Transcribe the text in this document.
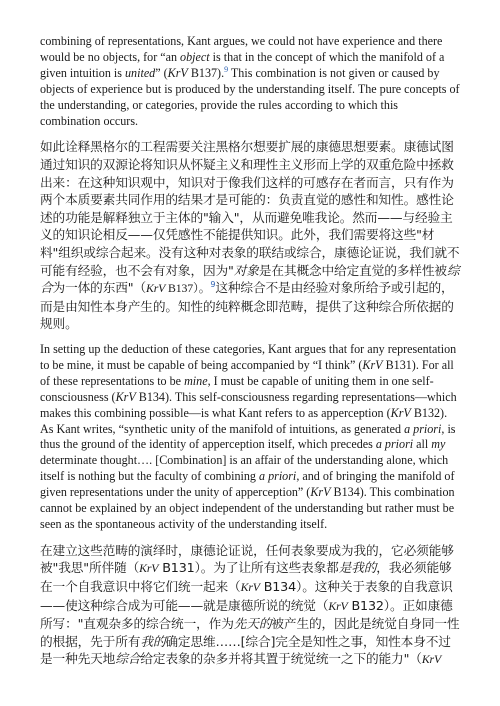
combining of representations, Kant argues, we could not have experience and there would be no objects, for “an object is that in the concept of which the manifold of a given intuition is united” (KrV B137).$^9$ This combination is not given or caused by objects of experience but is produced by the understanding itself. The pure concepts of the understanding, or categories, provide the rules according to which this combination occurs.

如此诠释黑格尔的工程需要关注黑格尔想要扩展的康德思想要素。康德试图通过知识的双源论将知识从怀疑主义和理性主义形而上学的双重危险中拯救出来：在这种知识观中，知识对于像我们这样的可感存在者而言，只有作为两个本质要素共同作用的结果才是可能的：负责直觉的感性和知性。感性论述的功能是解释独立于主体的"输入"，从而避免唯我论。然而——与经验主义的知识论相反——仅凭感性不能提供知识。此外，我们需要将这些"材料"组织或综合起来。没有这种对表象的联结或综合，康德论证说，我们就不可能有经验，也不会有对象，因为"对象是在其概念中给定直觉的多样性被综合为一体的东西"（KrV B137）。$^9$这种综合不是由经验对象所给予或引起的，而是由知性本身产生的。知性的纯粹概念即范畴，提供了这种综合所依据的规则。

In setting up the deduction of these categories, Kant argues that for any representation to be mine, it must be capable of being accompanied by “I think” (KrV B131). For all of these representations to be mine, I must be capable of uniting them in one self-consciousness (KrV B134). This self-consciousness regarding representations—which makes this combining possible—is what Kant refers to as apperception (KrV B132). As Kant writes, “synthetic unity of the manifold of intuitions, as generated a priori, is thus the ground of the identity of apperception itself, which precedes a priori all my determinate thought…. [Combination] is an affair of the understanding alone, which itself is nothing but the faculty of combining a priori, and of bringing the manifold of given representations under the unity of apperception” (KrV B134). This combination cannot be explained by an object independent of the understanding but rather must be seen as the spontaneous activity of the understanding itself.

在建立这些范畴的演绎时，康德论证说，任何表象要成为我的，它必须能够被"我思"所伴随（KrV B131）。为了让所有这些表象都是我的，我必须能够在一个自我意识中将它们统一起来（KrV B134）。这种关于表象的自我意识——使这种综合成为可能——就是康德所说的统觉（KrV B132）。正如康德所写："直观杂多的综合统一，作为先天的被产生的，因此是统觉自身同一性的根据，先于所有我的确定思维……[综合]完全是知性之事，知性本身不过是一种先天地综合给定表象的杂多并将其置于统觉统一之下的能力"（KrV
